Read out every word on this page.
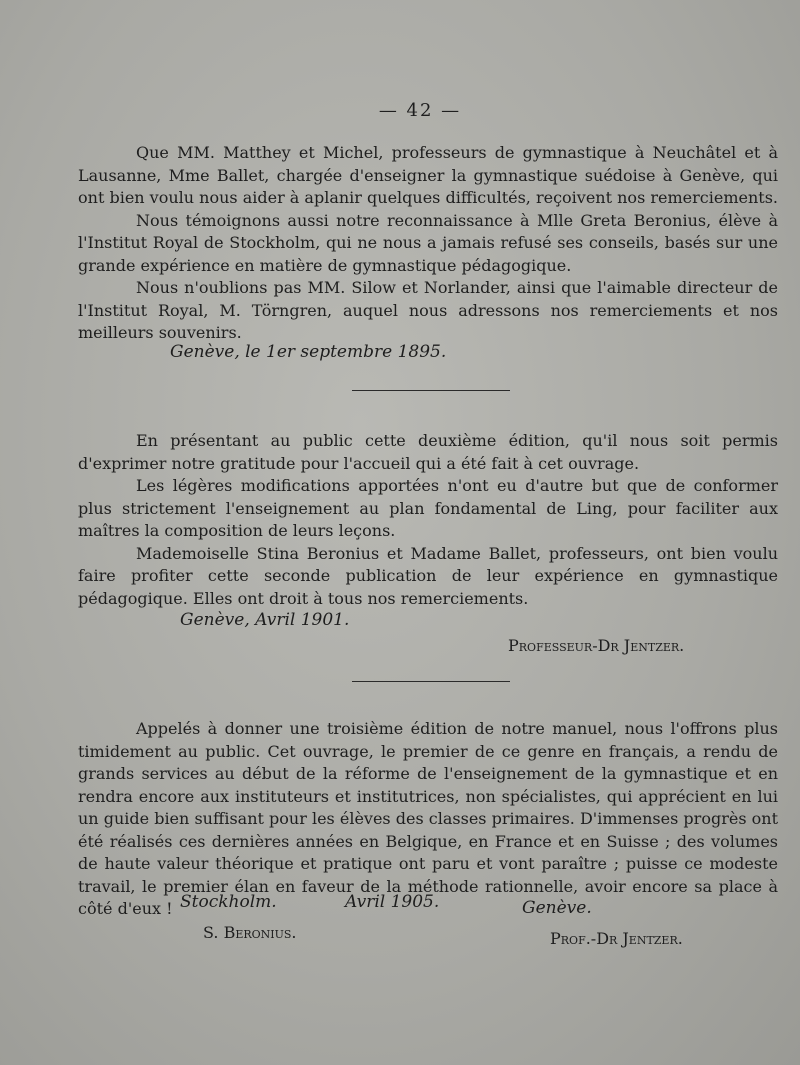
— 42 —

Que MM. Matthey et Michel, professeurs de gymnastique à Neuchâtel et à Lausanne, Mme Ballet, chargée d'enseigner la gymnastique suédoise à Genève, qui ont bien voulu nous aider à aplanir quelques difficultés, reçoivent nos remerciements.

Nous témoignons aussi notre reconnaissance à Mlle Greta Beronius, élève à l'Institut Royal de Stockholm, qui ne nous a jamais refusé ses conseils, basés sur une grande expérience en matière de gymnastique pédagogique.

Nous n'oublions pas MM. Silow et Norlander, ainsi que l'aimable directeur de l'Institut Royal, M. Törngren, auquel nous adressons nos remerciements et nos meilleurs souvenirs.

Genève, le 1er septembre 1895.

En présentant au public cette deuxième édition, qu'il nous soit permis d'exprimer notre gratitude pour l'accueil qui a été fait à cet ouvrage.

Les légères modifications apportées n'ont eu d'autre but que de conformer plus strictement l'enseignement au plan fondamental de Ling, pour faciliter aux maîtres la composition de leurs leçons.

Mademoiselle Stina Beronius et Madame Ballet, professeurs, ont bien voulu faire profiter cette seconde publication de leur expérience en gymnastique pédagogique. Elles ont droit à tous nos remerciements.

Genève, Avril 1901.
Professeur-Dr Jentzer.

Appelés à donner une troisième édition de notre manuel, nous l'offrons plus timidement au public. Cet ouvrage, le premier de ce genre en français, a rendu de grands services au début de la réforme de l'enseignement de la gymnastique et en rendra encore aux instituteurs et institutrices, non spécialistes, qui apprécient en lui un guide bien suffisant pour les élèves des classes primaires. D'immenses progrès ont été réalisés ces dernières années en Belgique, en France et en Suisse ; des volumes de haute valeur théorique et pratique ont paru et vont paraître ; puisse ce modeste travail, le premier élan en faveur de la méthode rationnelle, avoir encore sa place à côté d'eux ! Stockholm.	Avril 1905.	Genève.
S. Beronius.	Prof.-Dr Jentzer.
